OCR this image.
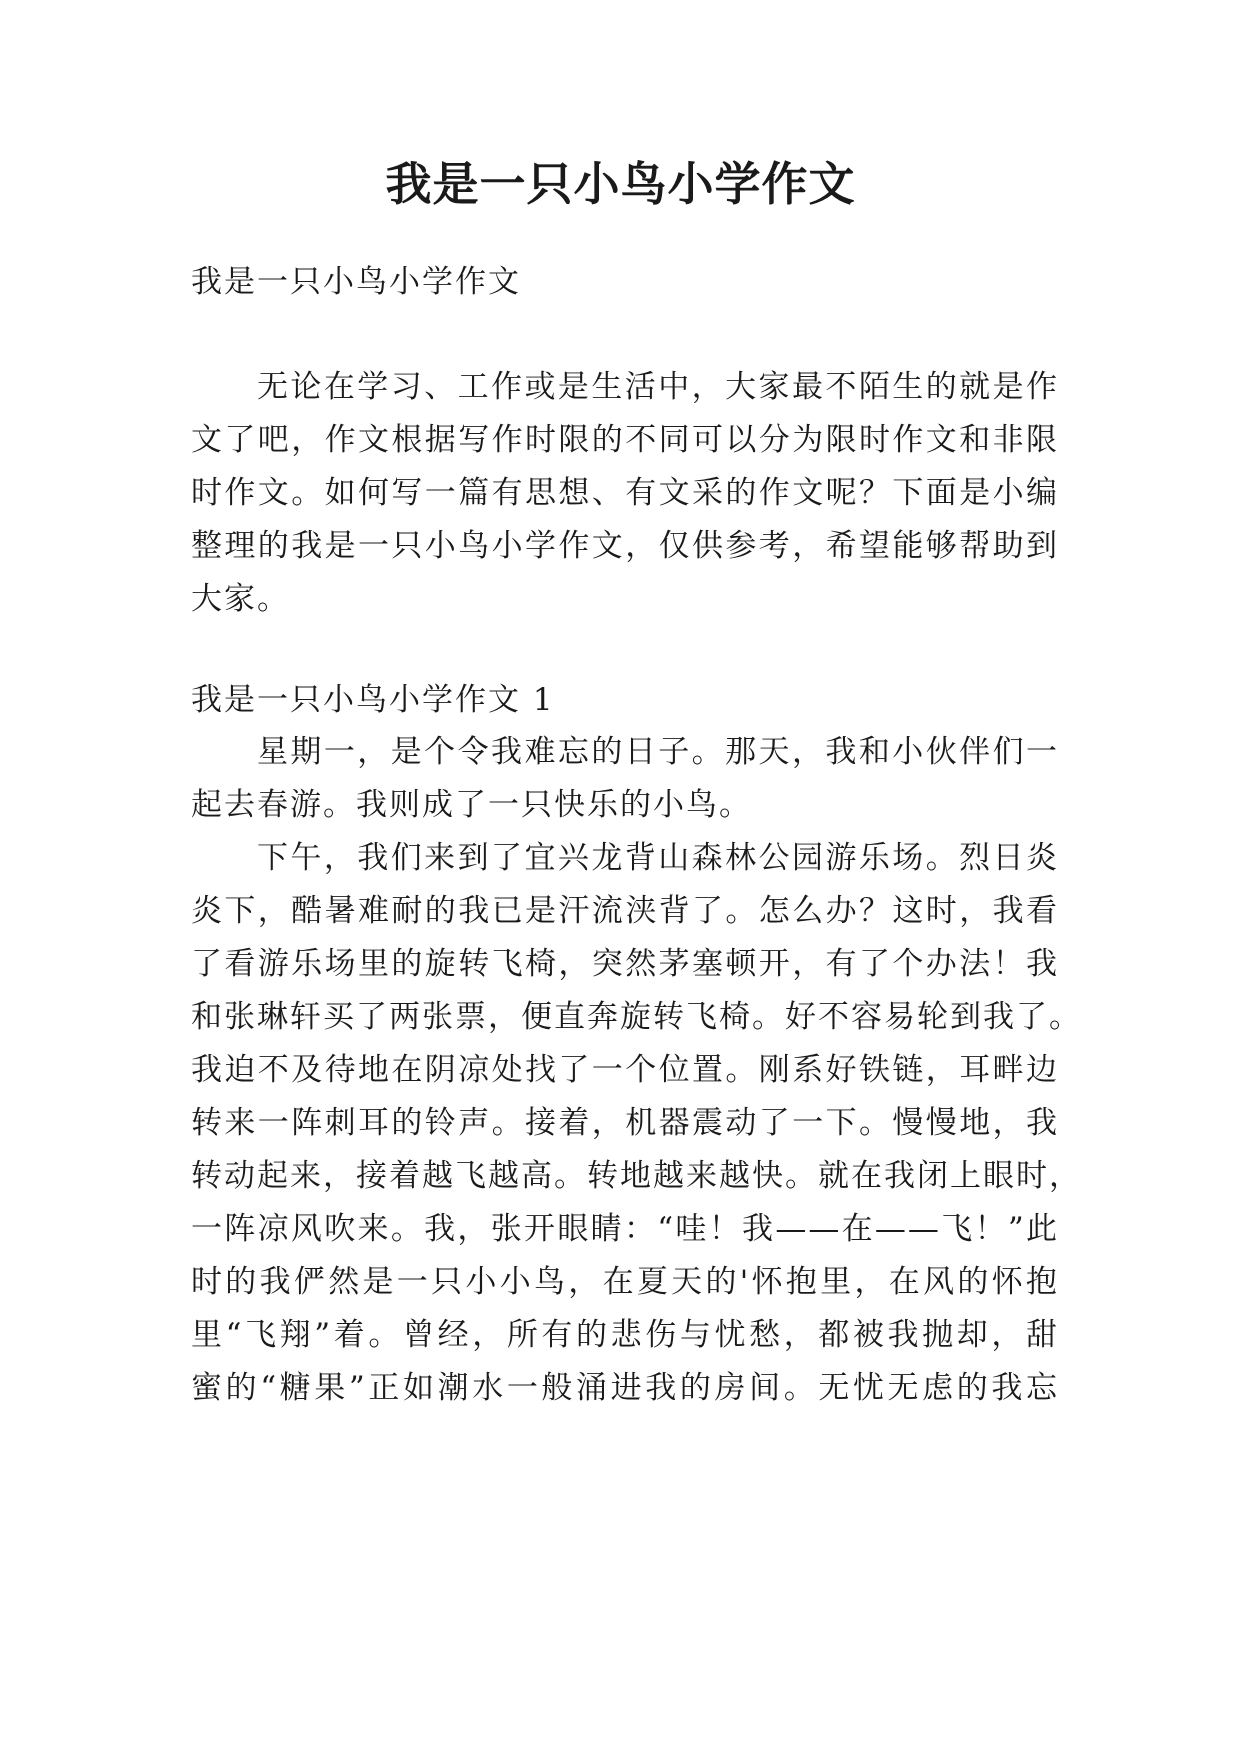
我是一只小鸟小学作文

我是一只小鸟小学作文

无论在学习、工作或是生活中，大家最不陌生的就是作

文了吧，作文根据写作时限的不同可以分为限时作文和非限

时作文。如何写一篇有思想、有文采的作文呢？下面是小编

整理的我是一只小鸟小学作文，仅供参考，希望能够帮助到

大家。

我是一只小鸟小学作文 1

星期一，是个令我难忘的日子。那天，我和小伙伴们一

起去春游。我则成了一只快乐的小鸟。

下午，我们来到了宜兴龙背山森林公园游乐场。烈日炎

炎下，酷暑难耐的我已是汗流浃背了。怎么办？这时，我看

了看游乐场里的旋转飞椅，突然茅塞顿开，有了个办法！我

和张琳轩买了两张票，便直奔旋转飞椅。好不容易轮到我了。

我迫不及待地在阴凉处找了一个位置。刚系好铁链，耳畔边

转来一阵刺耳的铃声。接着，机器震动了一下。慢慢地，我

转动起来，接着越飞越高。转地越来越快。就在我闭上眼时，

一阵凉风吹来。我，张开眼睛：“哇！我——在——飞！”此

时的我俨然是一只小小鸟，在夏天的'怀抱里，在风的怀抱

里“飞翔”着。曾经，所有的悲伤与忧愁，都被我抛却，甜

蜜的“糖果”正如潮水一般涌进我的房间。无忧无虑的我忘
